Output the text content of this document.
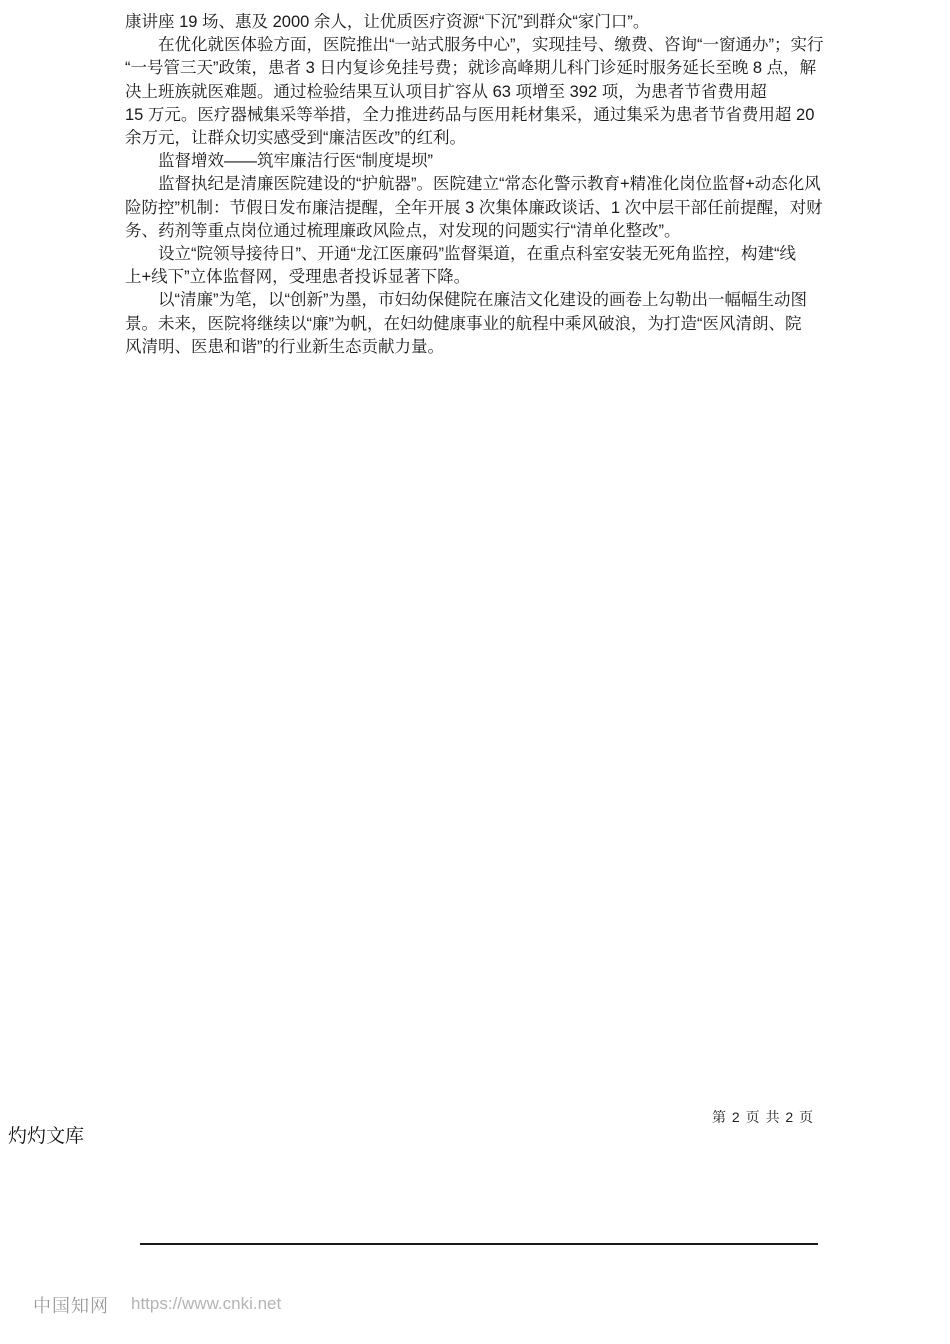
康讲座 19 场、惠及 2000 余人，让优质医疗资源“下沉”到群众“家门口”。
在优化就医体验方面，医院推出“一站式服务中心”，实现挂号、缴费、咨询“一窗通办”；实行
“一号管三天”政策，患者 3 日内复诊免挂号费；就诊高峰期儿科门诊延时服务延长至晚 8 点，解
决上班族就医难题。通过检验结果互认项目扩容从 63 项增至 392 项，为患者节省费用超
15 万元。医疗器械集采等举措，全力推进药品与医用耗材集采，通过集采为患者节省费用超 20
余万元，让群众切实感受到“廉洁医改”的红利。
监督增效——筑牢廉洁行医“制度堤坝”
监督执纪是清廉医院建设的“护航器”。医院建立“常态化警示教育+精准化岗位监督+动态化风
险防控”机制：节假日发布廉洁提醒，全年开展 3 次集体廉政谈话、1 次中层干部任前提醒，对财
务、药剂等重点岗位通过梳理廉政风险点，对发现的问题实行“清单化整改”。
设立“院领导接待日”、开通“龙江医廉码”监督渠道，在重点科室安装无死角监控，构建“线
上+线下”立体监督网，受理患者投诉显著下降。
以“清廉”为笔，以“创新”为墨，市妇幼保健院在廉洁文化建设的画卷上勾勒出一幅幅生动图
景。未来，医院将继续以“廉”为帆，在妇幼健康事业的航程中乘风破浪，为打造“医风清朗、院
风清明、医患和谐”的行业新生态贡献力量。
第 2 页 共 2 页
灼灼文库
中国知网 https://www.cnki.net
